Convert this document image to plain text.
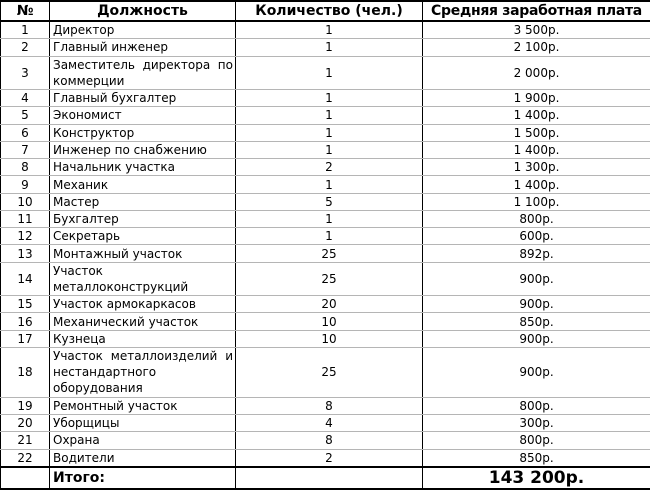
№	Должность	Количество (чел.)	Средняя заработная плата
1	Директор	1	3 500р.
2	Главный инженер	1	2 100р.
3	Заместитель директора по коммерции	1	2 000р.
4	Главный бухгалтер	1	1 900р.
5	Экономист	1	1 400р.
6	Конструктор	1	1 500р.
7	Инженер по снабжению	1	1 400р.
8	Начальник участка	2	1 300р.
9	Механик	1	1 400р.
10	Мастер	5	1 100р.
11	Бухгалтер	1	800р.
12	Секретарь	1	600р.
13	Монтажный участок	25	892р.
14	Участок металлоконструкций	25	900р.
15	Участок армокаркасов	20	900р.
16	Механический участок	10	850р.
17	Кузнеца	10	900р.
18	Участок металлоизделий и нестандартного оборудования	25	900р.
19	Ремонтный участок	8	800р.
20	Уборщицы	4	300р.
21	Охрана	8	800р.
22	Водители	2	850р.
	Итого:		143 200р.
